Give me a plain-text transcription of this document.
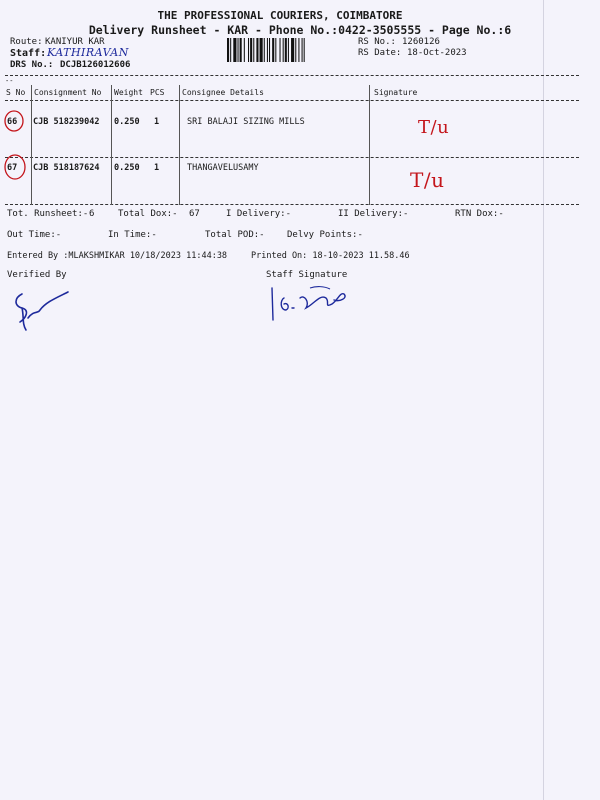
THE PROFESSIONAL COURIERS, COIMBATORE
Delivery Runsheet - KAR - Phone No.:0422-3505555 - Page No.:6
Route: KANIYUR KAR
Staff: KATHIRAVAN
DRS No.: DCJB126012606
RS No.: 1260126
RS Date: 18-Oct-2023
--
S No Consignment No Weight PCS Consignee Details	Signature
66 CJB 518239042 0.250 1	SRI BALAJI SIZING MILLS	T/u
67 CJB 518187624 0.250 1	THANGAVELUSAMY	T/u
Tot. Runsheet:- 6	Total Dox:- 67	I Delivery:-	II Delivery:-	RTN Dox:-
Out Time:-	In Time:-	Total POD:- Delvy Points:-
Entered By :MLAKSHMIKAR 10/18/2023 11:44:38	Printed On: 18-10-2023 11.58.46
Verified By	Staff Signature
